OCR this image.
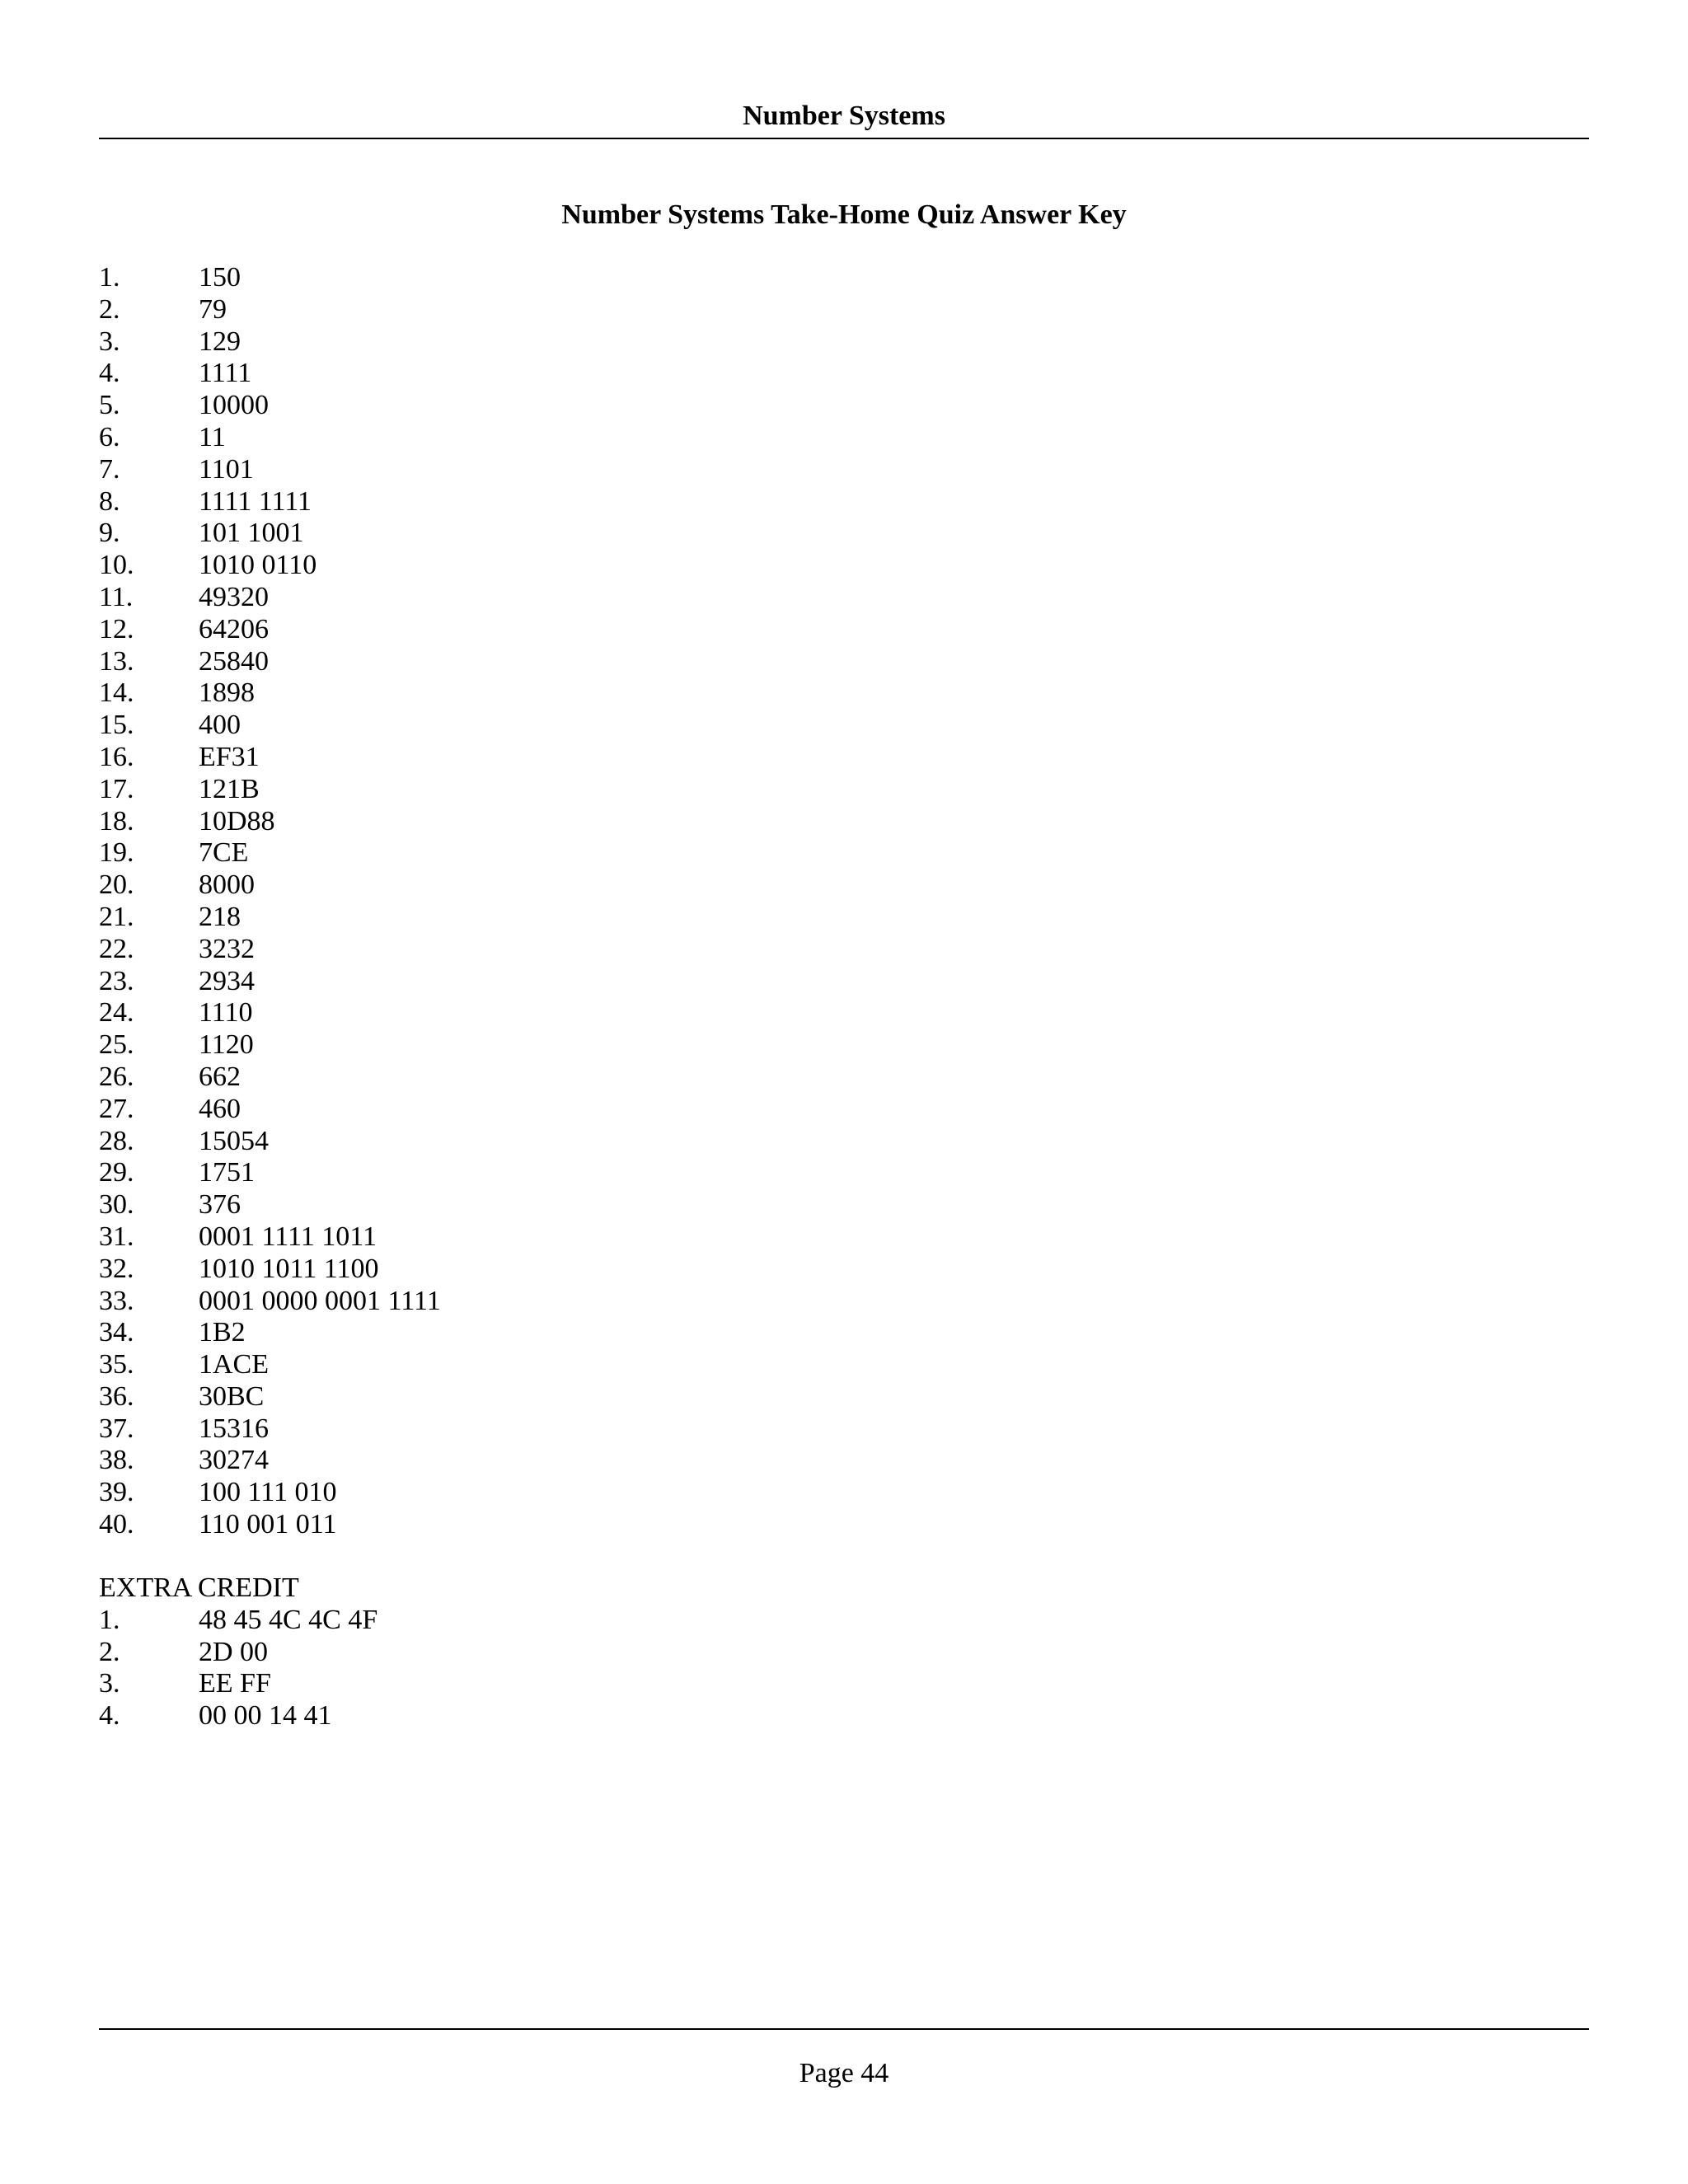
Number Systems
Number Systems Take-Home Quiz Answer Key
1.	150
2.	79
3.	129
4.	1111
5.	10000
6.	11
7.	1101
8.	1111 1111
9.	101 1001
10. 1010 0110
11. 49320
12. 64206
13. 25840
14. 1898
15. 400
16. EF31
17. 121B
18. 10D88
19. 7CE
20. 8000
21. 218
22. 3232
23. 2934
24. 1110
25. 1120
26. 662
27. 460
28. 15054
29. 1751
30. 376
31. 0001 1111 1011
32. 1010 1011 1100
33. 0001 0000 0001 1111
34. 1B2
35. 1ACE
36. 30BC
37. 15316
38. 30274
39. 100 111 010
40. 110 001 011
EXTRA CREDIT
1.	48 45 4C 4C 4F
2.	2D 00
3.	EE FF
4.	00 00 14 41
Page 44
